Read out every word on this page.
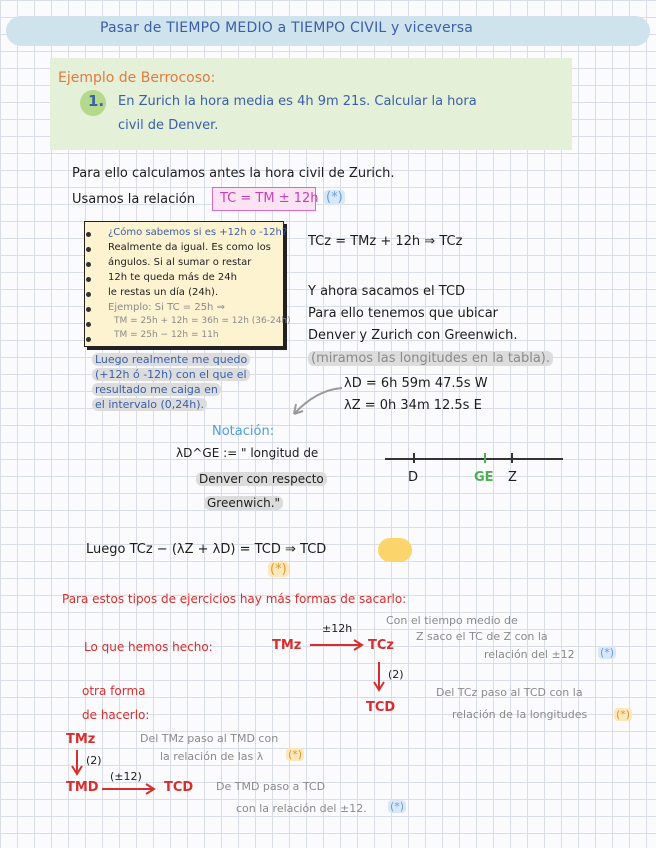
Pasar de TIEMPO MEDIO a TIEMPO CIVIL y viceversa
Ejemplo de Berrocoso:
1. En Zurich la hora media es 4h 9m 21s. Calcular la hora
civil de Denver.
Para ello calculamos antes la hora civil de Zurich.
Usamos la relación TC = TM ± 12h (*)
¿Cómo sabemos si es +12h o -12h?
Realmente da igual. Es como los
ángulos. Si al sumar o restar
12h te queda más de 24h
le restas un día (24h).
Ejemplo: Si TC = 25h ⇒
TM = 25h + 12h = 36h = 12h (36-24h)
TM = 25h − 12h = 11h
Luego realmente me quedo
(+12h ó -12h) con el que el
resultado me caiga en
el intervalo (0,24h).
TCz = TMz + 12h ⇒ TCz
Y ahora sacamos el TCD
Para ello tenemos que ubicar
Denver y Zurich con Greenwich.
(miramos las longitudes en la tabla).
λD = 6h 59m 47.5s W
λZ = 0h 34m 12.5s E
Notación:
λD^GE := " longitud de
Denver con respecto
Greenwich."
D	GE Z
Luego TCz − (λZ + λD) = TCD ⇒ TCD
(*)
Para estos tipos de ejercicios hay más formas de sacarlo:
Lo que hemos hecho:	TMz
±12h
TCz
Con el tiempo medio de
Z saco el TC de Z con la
relación del ±12 (*)
(2)
TCD
Del TCz paso al TCD con la
relación de la longitudes	(*)
otra forma
de hacerlo:
TMz
(2)
Del TMz paso al TMD con
la relación de las λ (*)
TMD
(±12)
TCD De TMD paso a TCD
con la relación del ±12. (*)
